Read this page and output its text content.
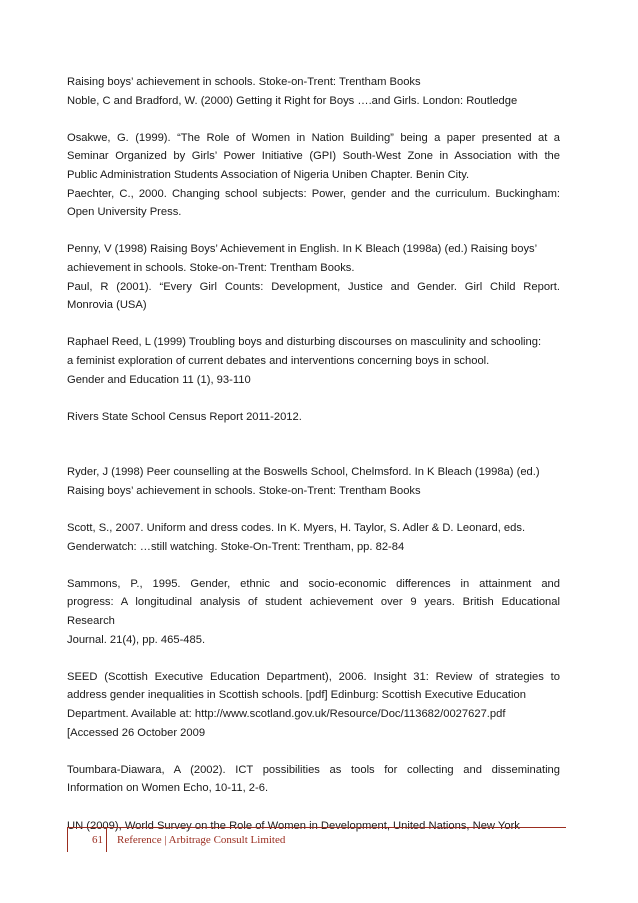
Raising boys’ achievement in schools. Stoke-on-Trent: Trentham Books
Noble, C and Bradford, W. (2000) Getting it Right for Boys ….and Girls. London: Routledge
Osakwe, G. (1999). “The Role of Women in Nation Building” being a paper presented at a
Seminar Organized by Girls’ Power Initiative (GPI) South-West Zone in Association with the
Public Administration Students Association of Nigeria Uniben Chapter. Benin City.
Paechter, C., 2000. Changing school subjects: Power, gender and the curriculum. Buckingham:
Open University Press.
Penny, V (1998) Raising Boys’ Achievement in English. In K Bleach (1998a) (ed.) Raising boys’
achievement in schools. Stoke-on-Trent: Trentham Books.
Paul, R (2001). “Every Girl Counts: Development, Justice and Gender. Girl Child Report.
Monrovia (USA)
Raphael Reed, L (1999) Troubling boys and disturbing discourses on masculinity and schooling:
a feminist exploration of current debates and interventions concerning boys in school.
Gender and Education 11 (1), 93-110
Rivers State School Census Report 2011-2012.
Ryder, J (1998) Peer counselling at the Boswells School, Chelmsford. In K Bleach (1998a) (ed.)
Raising boys’ achievement in schools. Stoke-on-Trent: Trentham Books
Scott, S., 2007. Uniform and dress codes. In K. Myers, H. Taylor, S. Adler & D. Leonard, eds.
Genderwatch: …still watching. Stoke-On-Trent: Trentham, pp. 82-84
Sammons, P., 1995. Gender, ethnic and socio-economic differences in attainment and
progress: A longitudinal analysis of student achievement over 9 years. British Educational
Research
Journal. 21(4), pp. 465-485.
SEED (Scottish Executive Education Department), 2006. Insight 31: Review of strategies to
address gender inequalities in Scottish schools. [pdf] Edinburg: Scottish Executive Education
Department. Available at: http://www.scotland.gov.uk/Resource/Doc/113682/0027627.pdf
[Accessed 26 October 2009
Toumbara-Diawara, A (2002). ICT possibilities as tools for collecting and disseminating
Information on Women Echo, 10-11, 2-6.
UN (2009), World Survey on the Role of Women in Development, United Nations, New York
61 Reference | Arbitrage Consult Limited
